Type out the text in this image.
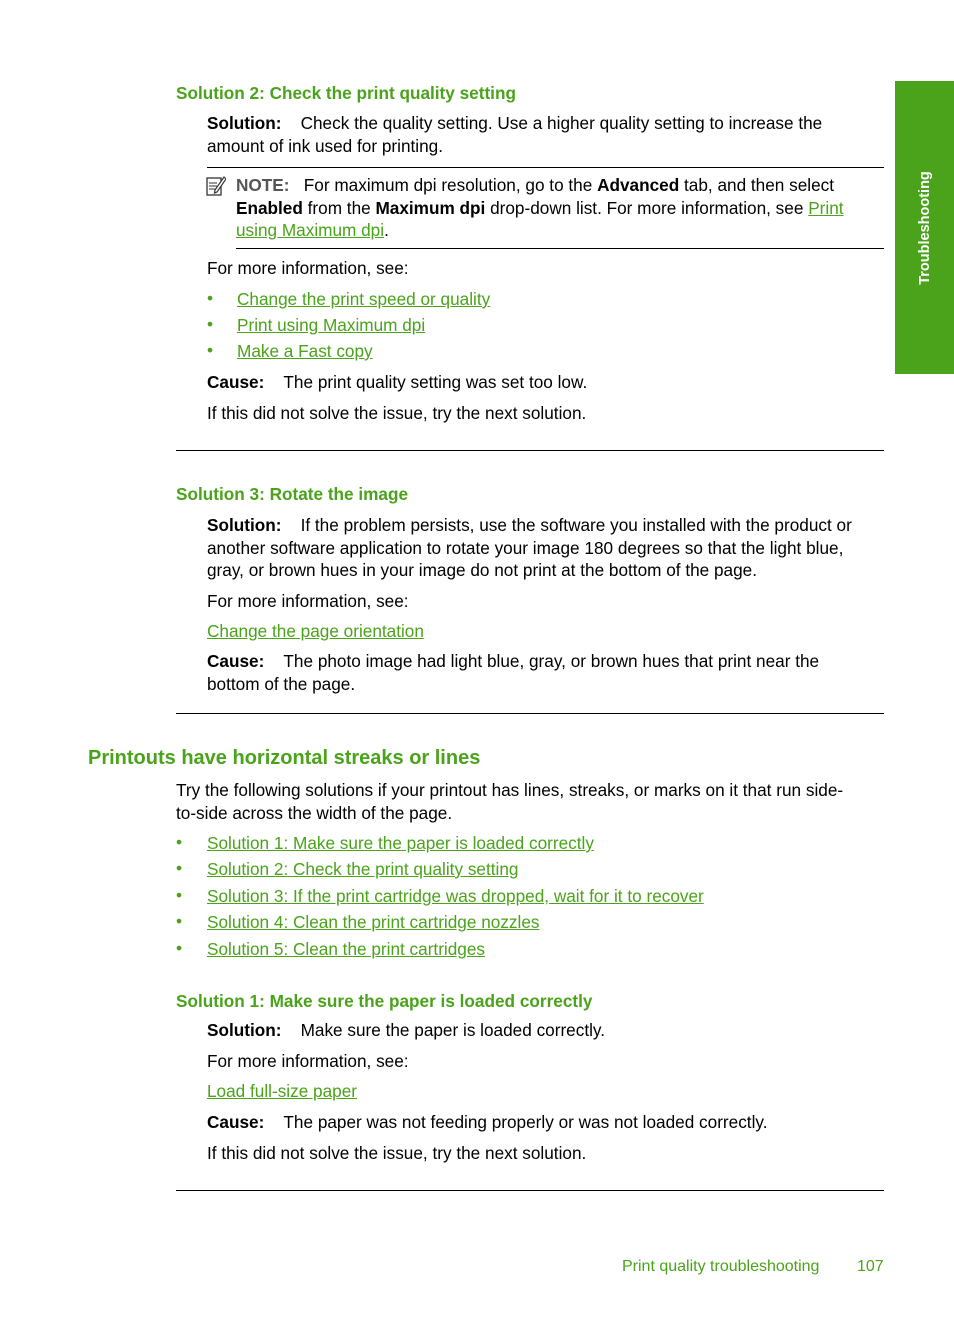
Troubleshooting
Solution 2: Check the print quality setting
Solution: Check the quality setting. Use a higher quality setting to increase the
amount of ink used for printing.
NOTE: For maximum dpi resolution, go to the Advanced tab, and then select
Enabled from the Maximum dpi drop-down list. For more information, see Print
using Maximum dpi.
For more information, see:
• Change the print speed or quality
• Print using Maximum dpi
• Make a Fast copy
Cause: The print quality setting was set too low.
If this did not solve the issue, try the next solution.
Solution 3: Rotate the image
Solution: If the problem persists, use the software you installed with the product or
another software application to rotate your image 180 degrees so that the light blue,
gray, or brown hues in your image do not print at the bottom of the page.
For more information, see:
Change the page orientation
Cause: The photo image had light blue, gray, or brown hues that print near the
bottom of the page.
Printouts have horizontal streaks or lines
Try the following solutions if your printout has lines, streaks, or marks on it that run side-
to-side across the width of the page.
• Solution 1: Make sure the paper is loaded correctly
• Solution 2: Check the print quality setting
• Solution 3: If the print cartridge was dropped, wait for it to recover
• Solution 4: Clean the print cartridge nozzles
• Solution 5: Clean the print cartridges
Solution 1: Make sure the paper is loaded correctly
Solution: Make sure the paper is loaded correctly.
For more information, see:
Load full-size paper
Cause: The paper was not feeding properly or was not loaded correctly.
If this did not solve the issue, try the next solution.
Print quality troubleshooting 107
